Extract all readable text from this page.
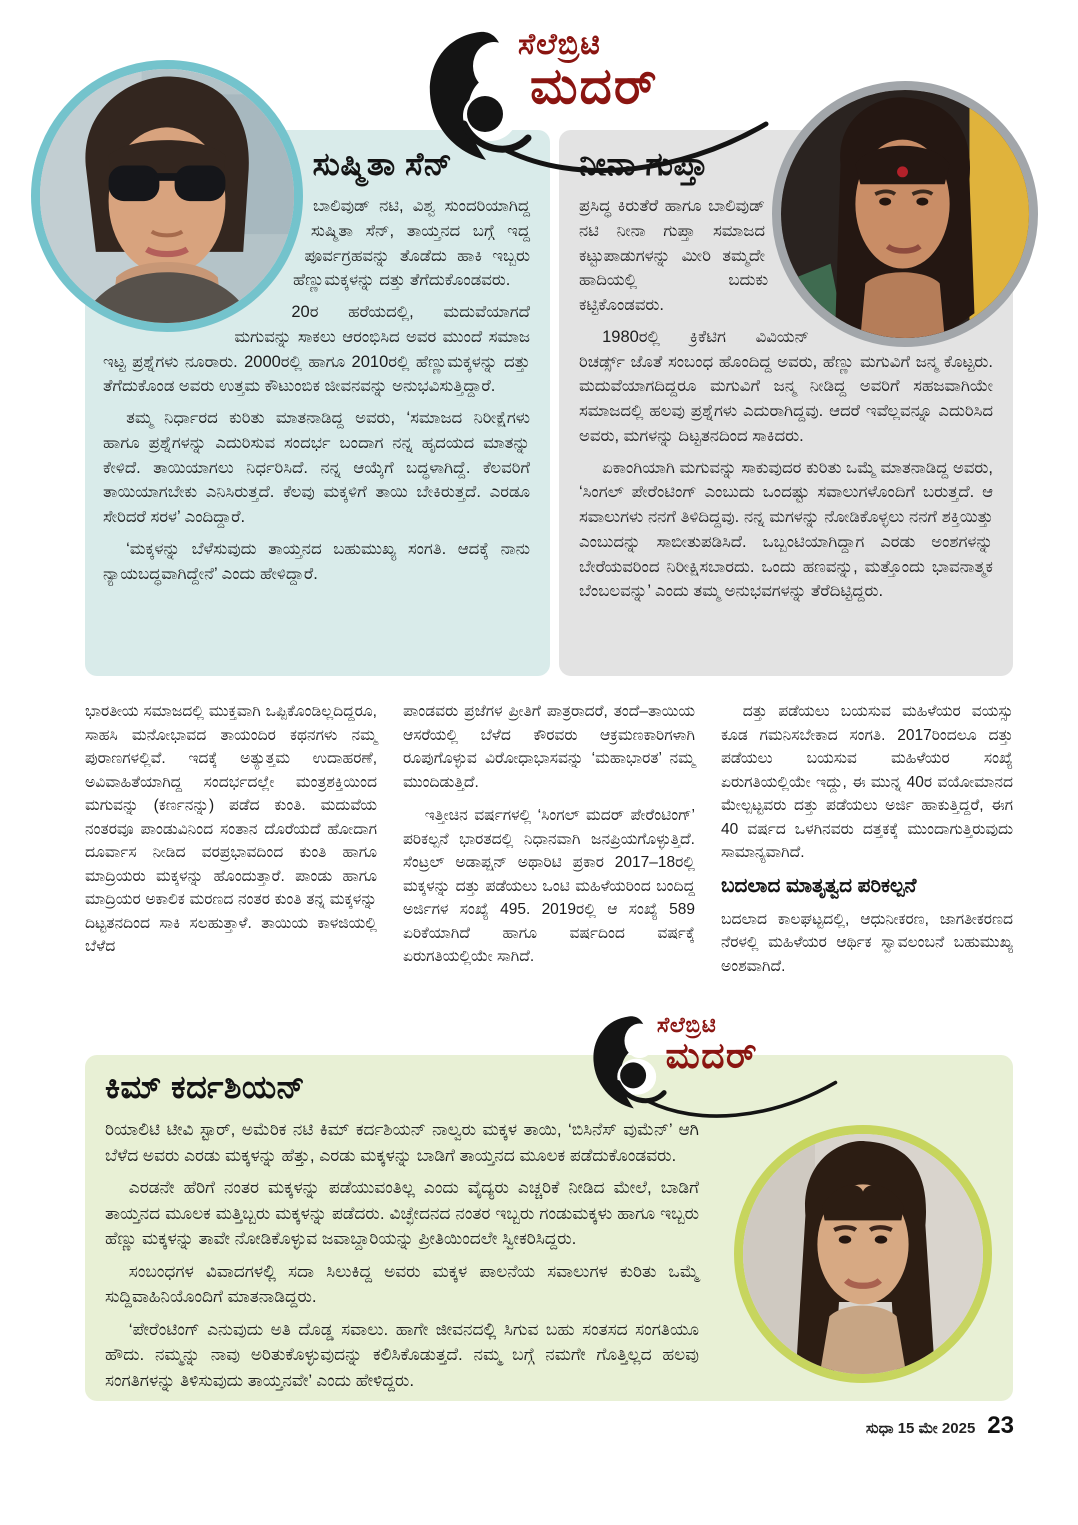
ಸೆಲೆಬ್ರಿಟಿ
ಮದರ್
ಸುಷ್ಮಿತಾ ಸೆನ್

ಬಾಲಿವುಡ್ ನಟಿ, ವಿಶ್ವ ಸುಂದರಿಯಾಗಿದ್ದ ಸುಷ್ಮಿತಾ ಸೆನ್, ತಾಯ್ತನದ ಬಗ್ಗೆ ಇದ್ದ ಪೂರ್ವಗ್ರಹವನ್ನು ತೊಡೆದು ಹಾಕಿ ಇಬ್ಬರು ಹೆಣ್ಣುಮಕ್ಕಳನ್ನು ದತ್ತು ತೆಗೆದುಕೊಂಡವರು.

20ರ ಹರೆಯದಲ್ಲಿ, ಮದುವೆಯಾಗದೆ ಮಗುವನ್ನು ಸಾಕಲು ಆರಂಭಿಸಿದ ಅವರ ಮುಂದೆ ಸಮಾಜ ಇಟ್ಟ ಪ್ರಶ್ನೆಗಳು ನೂರಾರು. 2000ರಲ್ಲಿ ಹಾಗೂ 2010ರಲ್ಲಿ ಹೆಣ್ಣುಮಕ್ಕಳನ್ನು ದತ್ತು ತೆಗೆದುಕೊಂಡ ಅವರು ಉತ್ತಮ ಕೌಟುಂಬಿಕ ಜೀವನವನ್ನು ಅನುಭವಿಸುತ್ತಿದ್ದಾರೆ.

ತಮ್ಮ ನಿರ್ಧಾರದ ಕುರಿತು ಮಾತನಾಡಿದ್ದ ಅವರು, ‘ಸಮಾಜದ ನಿರೀಕ್ಷೆಗಳು ಹಾಗೂ ಪ್ರಶ್ನೆಗಳನ್ನು ಎದುರಿಸುವ ಸಂದರ್ಭ ಬಂದಾಗ ನನ್ನ ಹೃದಯದ ಮಾತನ್ನು ಕೇಳಿದೆ. ತಾಯಿಯಾಗಲು ನಿರ್ಧರಿಸಿದೆ. ನನ್ನ ಆಯ್ಕೆಗೆ ಬದ್ಧಳಾಗಿದ್ದೆ. ಕೆಲವರಿಗೆ ತಾಯಿಯಾಗಬೇಕು ಎನಿಸಿರುತ್ತದೆ. ಕೆಲವು ಮಕ್ಕಳಿಗೆ ತಾಯಿ ಬೇಕಿರುತ್ತದೆ. ಎರಡೂ ಸೇರಿದರೆ ಸರಳ’ ಎಂದಿದ್ದಾರೆ.

‘ಮಕ್ಕಳನ್ನು ಬೆಳೆಸುವುದು ತಾಯ್ತನದ ಬಹುಮುಖ್ಯ ಸಂಗತಿ. ಆದಕ್ಕೆ ನಾನು ನ್ಯಾಯಬದ್ಧವಾಗಿದ್ದೇನೆ’ ಎಂದು ಹೇಳಿದ್ದಾರೆ.

ನೀನಾ ಗುಪ್ತಾ

ಪ್ರಸಿದ್ಧ ಕಿರುತೆರೆ ಹಾಗೂ ಬಾಲಿವುಡ್ ನಟಿ ನೀನಾ ಗುಪ್ತಾ ಸಮಾಜದ ಕಟ್ಟುಪಾಡುಗಳನ್ನು ಮೀರಿ ತಮ್ಮದೇ ಹಾದಿಯಲ್ಲಿ ಬದುಕು ಕಟ್ಟಿಕೊಂಡವರು.

1980ರಲ್ಲಿ ಕ್ರಿಕೆಟಿಗ ವಿವಿಯನ್ ರಿಚರ್ಡ್ಸ್ ಜೊತೆ ಸಂಬಂಧ ಹೊಂದಿದ್ದ ಅವರು, ಹೆಣ್ಣು ಮಗುವಿಗೆ ಜನ್ಮ ಕೊಟ್ಟರು. ಮದುವೆಯಾಗದಿದ್ದರೂ ಮಗುವಿಗೆ ಜನ್ಮ ನೀಡಿದ್ದ ಅವರಿಗೆ ಸಹಜವಾಗಿಯೇ ಸಮಾಜದಲ್ಲಿ ಹಲವು ಪ್ರಶ್ನೆಗಳು ಎದುರಾಗಿದ್ದವು. ಆದರೆ ಇವೆಲ್ಲವನ್ನೂ ಎದುರಿಸಿದ ಅವರು, ಮಗಳನ್ನು ದಿಟ್ಟತನದಿಂದ ಸಾಕಿದರು.

ಏಕಾಂಗಿಯಾಗಿ ಮಗುವನ್ನು ಸಾಕುವುದರ ಕುರಿತು ಒಮ್ಮೆ ಮಾತನಾಡಿದ್ದ ಅವರು, ‘ಸಿಂಗಲ್ ಪೇರೆಂಟಿಂಗ್ ಎಂಬುದು ಒಂದಷ್ಟು ಸವಾಲುಗಳೊಂದಿಗೆ ಬರುತ್ತದೆ. ಆ ಸವಾಲುಗಳು ನನಗೆ ತಿಳಿದಿದ್ದವು. ನನ್ನ ಮಗಳನ್ನು ನೋಡಿಕೊಳ್ಳಲು ನನಗೆ ಶಕ್ತಿಯಿತ್ತು ಎಂಬುದನ್ನು ಸಾಬೀತುಪಡಿಸಿದೆ. ಒಬ್ಬಂಟಿಯಾಗಿದ್ದಾಗ ಎರಡು ಅಂಶಗಳನ್ನು ಬೇರೆಯವರಿಂದ ನಿರೀಕ್ಷಿಸಬಾರದು. ಒಂದು ಹಣವನ್ನು, ಮತ್ತೊಂದು ಭಾವನಾತ್ಮಕ ಬೆಂಬಲವನ್ನು’ ಎಂದು ತಮ್ಮ ಅನುಭವಗಳನ್ನು ತೆರೆದಿಟ್ಟಿದ್ದರು.

ಭಾರತೀಯ ಸಮಾಜದಲ್ಲಿ ಮುಕ್ತವಾಗಿ ಒಪ್ಪಿಕೊಂಡಿಲ್ಲದಿದ್ದರೂ, ಸಾಹಸಿ ಮನೋಭಾವದ ತಾಯಂದಿರ ಕಥನಗಳು ನಮ್ಮ ಪುರಾಣಗಳಲ್ಲಿವೆ. ಇದಕ್ಕೆ ಅತ್ಯುತ್ತಮ ಉದಾಹರಣೆ, ಅವಿವಾಹಿತೆಯಾಗಿದ್ದ ಸಂದರ್ಭದಲ್ಲೇ ಮಂತ್ರಶಕ್ತಿಯಿಂದ ಮಗುವನ್ನು (ಕರ್ಣನನ್ನು) ಪಡೆದ ಕುಂತಿ. ಮದುವೆಯ ನಂತರವೂ ಪಾಂಡುವಿನಿಂದ ಸಂತಾನ ದೊರೆಯದೆ ಹೋದಾಗ ದೂರ್ವಾಸ ನೀಡಿದ ವರಪ್ರಭಾವದಿಂದ ಕುಂತಿ ಹಾಗೂ ಮಾದ್ರಿಯರು ಮಕ್ಕಳನ್ನು ಹೊಂದುತ್ತಾರೆ. ಪಾಂಡು ಹಾಗೂ ಮಾದ್ರಿಯರ ಅಕಾಲಿಕ ಮರಣದ ನಂತರ ಕುಂತಿ ತನ್ನ ಮಕ್ಕಳನ್ನು ದಿಟ್ಟತನದಿಂದ ಸಾಕಿ ಸಲಹುತ್ತಾಳೆ. ತಾಯಿಯ ಕಾಳಜಿಯಲ್ಲಿ ಬೆಳೆದ

ಪಾಂಡವರು ಪ್ರಜೆಗಳ ಪ್ರೀತಿಗೆ ಪಾತ್ರರಾದರೆ, ತಂದೆ–ತಾಯಿಯ ಆಸರೆಯಲ್ಲಿ ಬೆಳೆದ ಕೌರವರು ಆಕ್ರಮಣಕಾರಿಗಳಾಗಿ ರೂಪುಗೊಳ್ಳುವ ವಿರೋಧಾಭಾಸವನ್ನು ‘ಮಹಾಭಾರತ’ ನಮ್ಮ ಮುಂದಿಡುತ್ತಿದೆ.

ಇತ್ತೀಚಿನ ವರ್ಷಗಳಲ್ಲಿ ‘ಸಿಂಗಲ್ ಮದರ್ ಪೇರೆಂಟಿಂಗ್’ ಪರಿಕಲ್ಪನೆ ಭಾರತದಲ್ಲಿ ನಿಧಾನವಾಗಿ ಜನಪ್ರಿಯಗೊಳ್ಳುತ್ತಿದೆ. ಸೆಂಟ್ರಲ್ ಅಡಾಪ್ಷನ್ ಅಥಾರಿಟಿ ಪ್ರಕಾರ 2017–18ರಲ್ಲಿ ಮಕ್ಕಳನ್ನು ದತ್ತು ಪಡೆಯಲು ಒಂಟಿ ಮಹಿಳೆಯರಿಂದ ಬಂದಿದ್ದ ಅರ್ಜಿಗಳ ಸಂಖ್ಯೆ 495. 2019ರಲ್ಲಿ ಆ ಸಂಖ್ಯೆ 589 ಏರಿಕೆಯಾಗಿದೆ ಹಾಗೂ ವರ್ಷದಿಂದ ವರ್ಷಕ್ಕೆ ಏರುಗತಿಯಲ್ಲಿಯೇ ಸಾಗಿದೆ.

ದತ್ತು ಪಡೆಯಲು ಬಯಸುವ ಮಹಿಳೆಯರ ವಯಸ್ಸು ಕೂಡ ಗಮನಿಸಬೇಕಾದ ಸಂಗತಿ. 2017ರಿಂದಲೂ ದತ್ತು ಪಡೆಯಲು ಬಯಸುವ ಮಹಿಳೆಯರ ಸಂಖ್ಯೆ ಏರುಗತಿಯಲ್ಲಿಯೇ ಇದ್ದು, ಈ ಮುನ್ನ 40ರ ವಯೋಮಾನದ ಮೇಲ್ಪಟ್ಟವರು ದತ್ತು ಪಡೆಯಲು ಅರ್ಜಿ ಹಾಕುತ್ತಿದ್ದರೆ, ಈಗ 40 ವರ್ಷದ ಒಳಗಿನವರು ದತ್ತಕಕ್ಕೆ ಮುಂದಾಗುತ್ತಿರುವುದು ಸಾಮಾನ್ಯವಾಗಿದೆ.

ಬದಲಾದ ಮಾತೃತ್ವದ ಪರಿಕಲ್ಪನೆ

ಬದಲಾದ ಕಾಲಘಟ್ಟದಲ್ಲಿ, ಆಧುನೀಕರಣ, ಜಾಗತೀಕರಣದ ನೆರಳಲ್ಲಿ ಮಹಿಳೆಯರ ಆರ್ಥಿಕ ಸ್ವಾವಲಂಬನೆ ಬಹುಮುಖ್ಯ ಅಂಶವಾಗಿದೆ.

ಸೆಲೆಬ್ರಿಟಿ
ಮದರ್
ಕಿಮ್ ಕರ್ದಶಿಯನ್

ರಿಯಾಲಿಟಿ ಟೀವಿ ಸ್ಟಾರ್, ಅಮೆರಿಕ ನಟಿ ಕಿಮ್ ಕರ್ದಶಿಯನ್ ನಾಲ್ವರು ಮಕ್ಕಳ ತಾಯಿ, ‘ಬಿಸಿನೆಸ್ ವುಮೆನ್’ ಆಗಿ ಬೆಳೆದ ಅವರು ಎರಡು ಮಕ್ಕಳನ್ನು ಹೆತ್ತು, ಎರಡು ಮಕ್ಕಳನ್ನು ಬಾಡಿಗೆ ತಾಯ್ತನದ ಮೂಲಕ ಪಡೆದುಕೊಂಡವರು.

ಎರಡನೇ ಹೆರಿಗೆ ನಂತರ ಮಕ್ಕಳನ್ನು ಪಡೆಯುವಂತಿಲ್ಲ ಎಂದು ವೈದ್ಯರು ಎಚ್ಚರಿಕೆ ನೀಡಿದ ಮೇಲೆ, ಬಾಡಿಗೆ ತಾಯ್ತನದ ಮೂಲಕ ಮತ್ತಿಬ್ಬರು ಮಕ್ಕಳನ್ನು ಪಡೆದರು. ವಿಚ್ಛೇದನದ ನಂತರ ಇಬ್ಬರು ಗಂಡುಮಕ್ಕಳು ಹಾಗೂ ಇಬ್ಬರು ಹೆಣ್ಣು ಮಕ್ಕಳನ್ನು ತಾವೇ ನೋಡಿಕೊಳ್ಳುವ ಜವಾಬ್ದಾರಿಯನ್ನು ಪ್ರೀತಿಯಿಂದಲೇ ಸ್ವೀಕರಿಸಿದ್ದರು.

ಸಂಬಂಧಗಳ ವಿವಾದಗಳಲ್ಲಿ ಸದಾ ಸಿಲುಕಿದ್ದ ಅವರು ಮಕ್ಕಳ ಪಾಲನೆಯ ಸವಾಲುಗಳ ಕುರಿತು ಒಮ್ಮೆ ಸುದ್ದಿವಾಹಿನಿಯೊಂದಿಗೆ ಮಾತನಾಡಿದ್ದರು.

‘ಪೇರೆಂಟಿಂಗ್ ಎನುವುದು ಅತಿ ದೊಡ್ಡ ಸವಾಲು. ಹಾಗೇ ಜೀವನದಲ್ಲಿ ಸಿಗುವ ಬಹು ಸಂತಸದ ಸಂಗತಿಯೂ ಹೌದು. ನಮ್ಮನ್ನು ನಾವು ಅರಿತುಕೊಳ್ಳುವುದನ್ನು ಕಲಿಸಿಕೊಡುತ್ತದೆ. ನಮ್ಮ ಬಗ್ಗೆ ನಮಗೇ ಗೊತ್ತಿಲ್ಲದ ಹಲವು ಸಂಗತಿಗಳನ್ನು ತಿಳಿಸುವುದು ತಾಯ್ತನವೇ’ ಎಂದು ಹೇಳಿದ್ದರು.

ಸುಧಾ 15 ಮೇ 2025 23
